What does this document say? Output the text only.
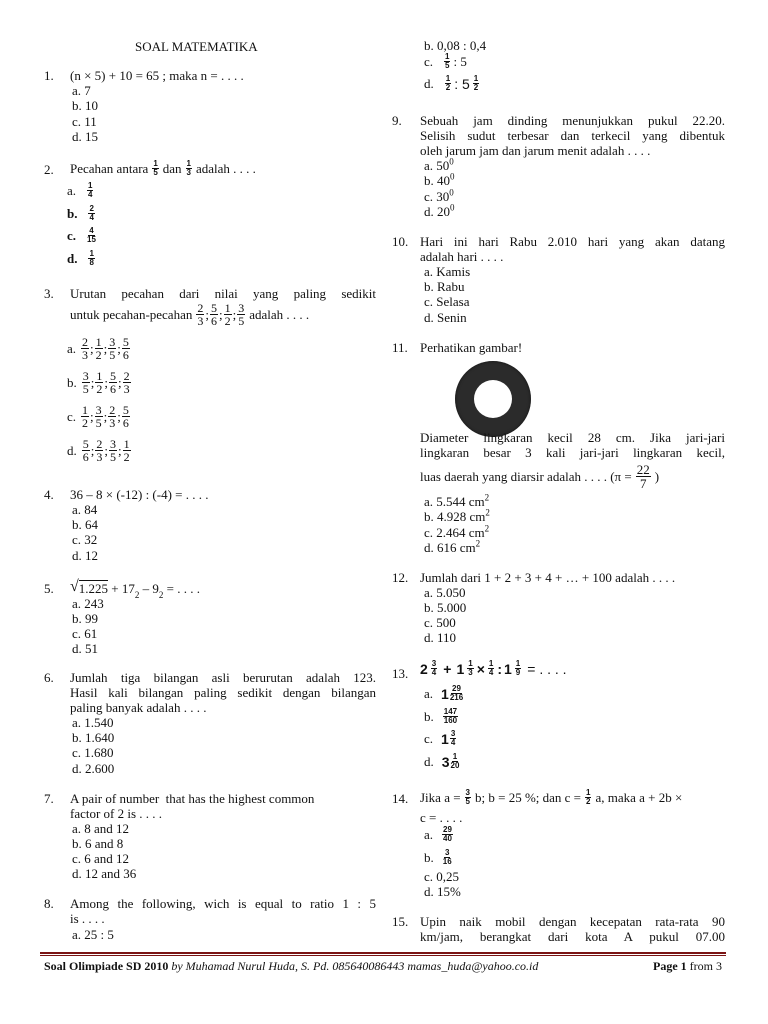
SOAL MATEMATIKA
1. (n × 5) + 10 = 65 ; maka n = . . . .
a. 7
b. 10
c. 11
d. 15
2. Pecahan antara $\frac{1}{5}$ dan $\frac{1}{3}$ adalah . . . .
a. $\frac{1}{4}$
b. $\frac{2}{4}$
c. $\frac{4}{15}$
d. $\frac{1}{8}$
3. Urutan pecahan dari nilai yang paling sedikit
untuk pecahan-pecahan $\frac{2}{3}$ ; $\frac{5}{6}$ ; $\frac{1}{2}$ ; $\frac{3}{5}$ adalah . . . .
a. $\frac{2}{3}$ ; $\frac{1}{2}$ ; $\frac{3}{5}$ ; $\frac{5}{6}$
b. $\frac{3}{5}$ ; $\frac{1}{2}$ ; $\frac{5}{6}$ ; $\frac{2}{3}$
c. $\frac{1}{2}$ ; $\frac{3}{5}$ ; $\frac{2}{3}$ ; $\frac{5}{6}$
d. $\frac{5}{6}$ ; $\frac{2}{3}$ ; $\frac{3}{5}$ ; $\frac{1}{2}$
4. 36 – 8 × (-12) : (-4) = . . . .
a. 84
b. 64
c. 32
d. 12
5. √ 1.225 + 17 2 – 9 2 = . . . .
a. 243
b. 99
c. 61
d. 51
6. Jumlah tiga bilangan asli berurutan adalah 123.
Hasil kali bilangan paling sedikit dengan bilangan
paling banyak adalah . . . .
a. 1.540
b. 1.640
c. 1.680
d. 2.600
7. A pair of number  that has the highest common
factor of 2 is . . . .
a. 8 and 12
b. 6 and 8
c. 6 and 12
d. 12 and 36
8. Among the following, wich is equal to ratio 1 : 5
is . . . .
a. 25 : 5
b. 0,08 : 0,4
c. $\frac{1}{5}$ : 5
d. $\frac{1}{2}$ : $5 \frac{1}{2}$
9. Sebuah jam dinding menunjukkan pukul 22.20.
Selisih sudut terbesar dan terkecil yang dibentuk
oleh jarum jam dan jarum menit adalah . . . .
a. $50^0$
b. $40^0$
c. $30^0$
d. $20^0$
10. Hari ini hari Rabu 2.010 hari yang akan datang
adalah hari . . . .
a. Kamis
b. Rabu
c. Selasa
d. Senin
11. Perhatikan gambar!
Diameter lingkaran kecil 28 cm. Jika jari-jari
lingkaran besar 3 kali jari-jari lingkaran kecil,
luas daerah yang diarsir adalah . . . . ($\pi = \frac{22}{7}$ )
a. 5.544 $cm^2$
b. 4.928 $cm^2$
c. 2.464 $cm^2$
d. 616 $cm^2$
12. Jumlah dari 1 + 2 + 3 + 4 + … + 100 adalah . . . .
a. 5.050
b. 5.000
c. 500
d. 110
13. $2 \frac{3}{4} + 1 \frac{1}{3} \times \frac{1}{4}$ : $1 \frac{1}{9}$ = . . . .
a. $1 \frac{29}{216}$
b. $\frac{147}{160}$
c. $1 \frac{3}{4}$
d. $3 \frac{1}{20}$
14. Jika $a = \frac{3}{5} b$; b = 25 %; dan $c = \frac{1}{2} a$, maka a + 2b ×
c = . . . .
a. $\frac{29}{40}$
b. $\frac{3}{16}$
c. 0,25
d. 15%
15. Upin naik mobil dengan kecepatan rata-rata 90
km/jam, berangkat dari kota A pukul 07.00
Soal Olimpiade SD 2010 by Muhamad Nurul Huda, S. Pd. 085640086443 mamas_huda@yahoo.co.id	Page 1 from 3
